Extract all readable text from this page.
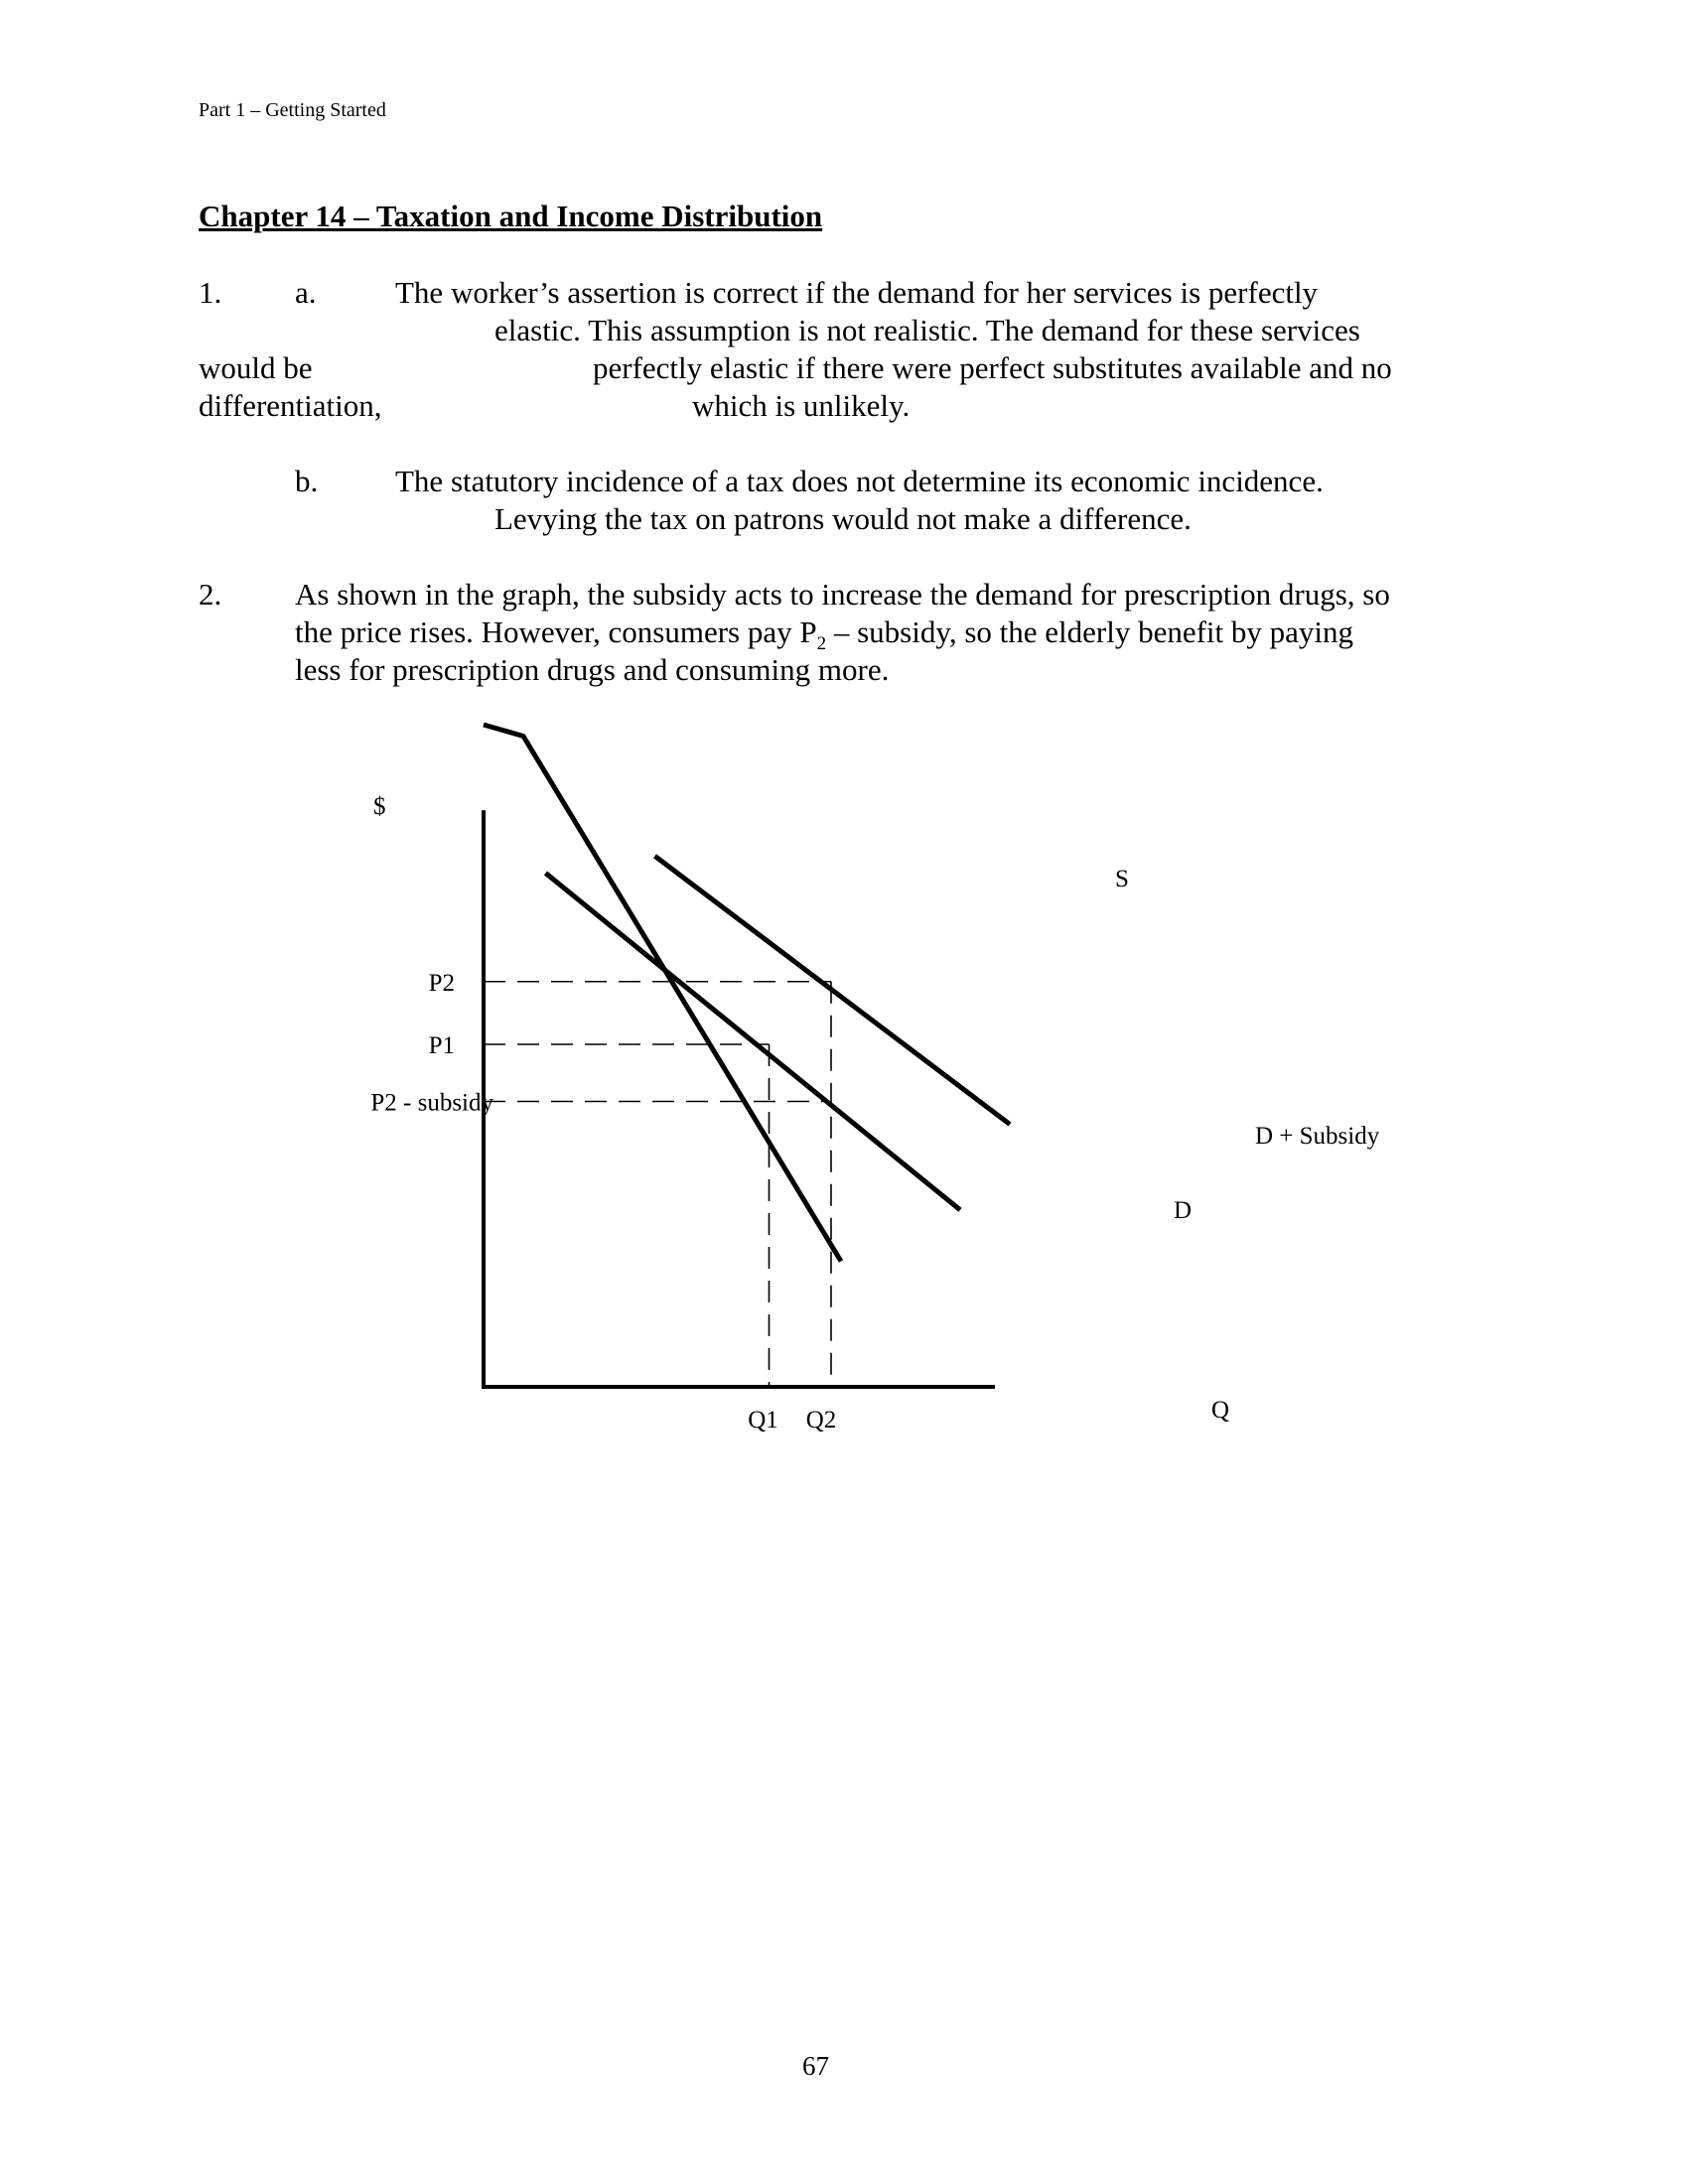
Part 1 – Getting Started
Chapter 14 – Taxation and Income Distribution
1. a.	The worker’s assertion is correct if the demand for her services is perfectly
elastic. This assumption is not realistic. The demand for these services
would be	perfectly elastic if there were perfect substitutes available and no
differentiation,	which is unlikely.
b.	The statutory incidence of a tax does not determine its economic incidence.
Levying the tax on patrons would not make a difference.
2. As shown in the graph, the subsidy acts to increase the demand for prescription drugs, so
the price rises. However, consumers pay $P_2$ – subsidy, so the elderly benefit by paying
less for prescription drugs and consuming more.
$
Q
P2
P1
P2 - subsidy
Q1 Q2
S
D
D + Subsidy
67
